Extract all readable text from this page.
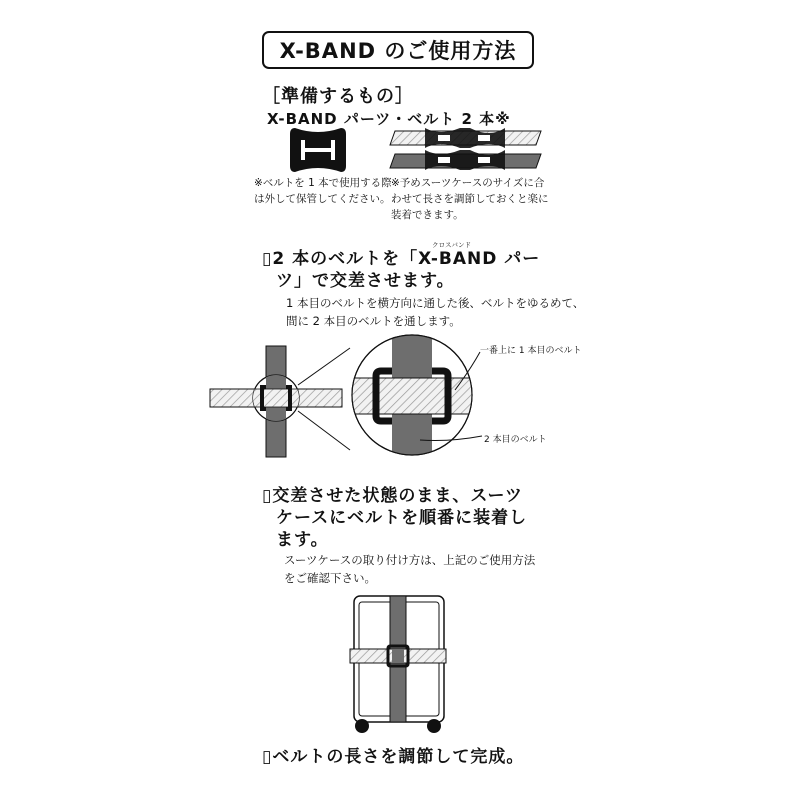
X-BAND のご使用方法
［準備するもの］
X-BAND パーツ・ベルト 2 本※
※ベルトを 1 本で使用する際は外して保管してください。
※予めスーツケースのサイズに合わせて長さを調節しておくと楽に装着できます。
▯2 本のベルトを「X-BAND パー
クロスバンド
ツ」で交差させます。
1 本目のベルトを横方向に通した後、ベルトをゆるめて、間に 2 本目のベルトを通します。
一番上に 1 本目のベルト
2 本目のベルト
▯交差させた状態のまま、スーツ
ケースにベルトを順番に装着し
ます。
スーツケースの取り付け方は、上記のご使用方法をご確認下さい。
▯ベルトの長さを調節して完成。
